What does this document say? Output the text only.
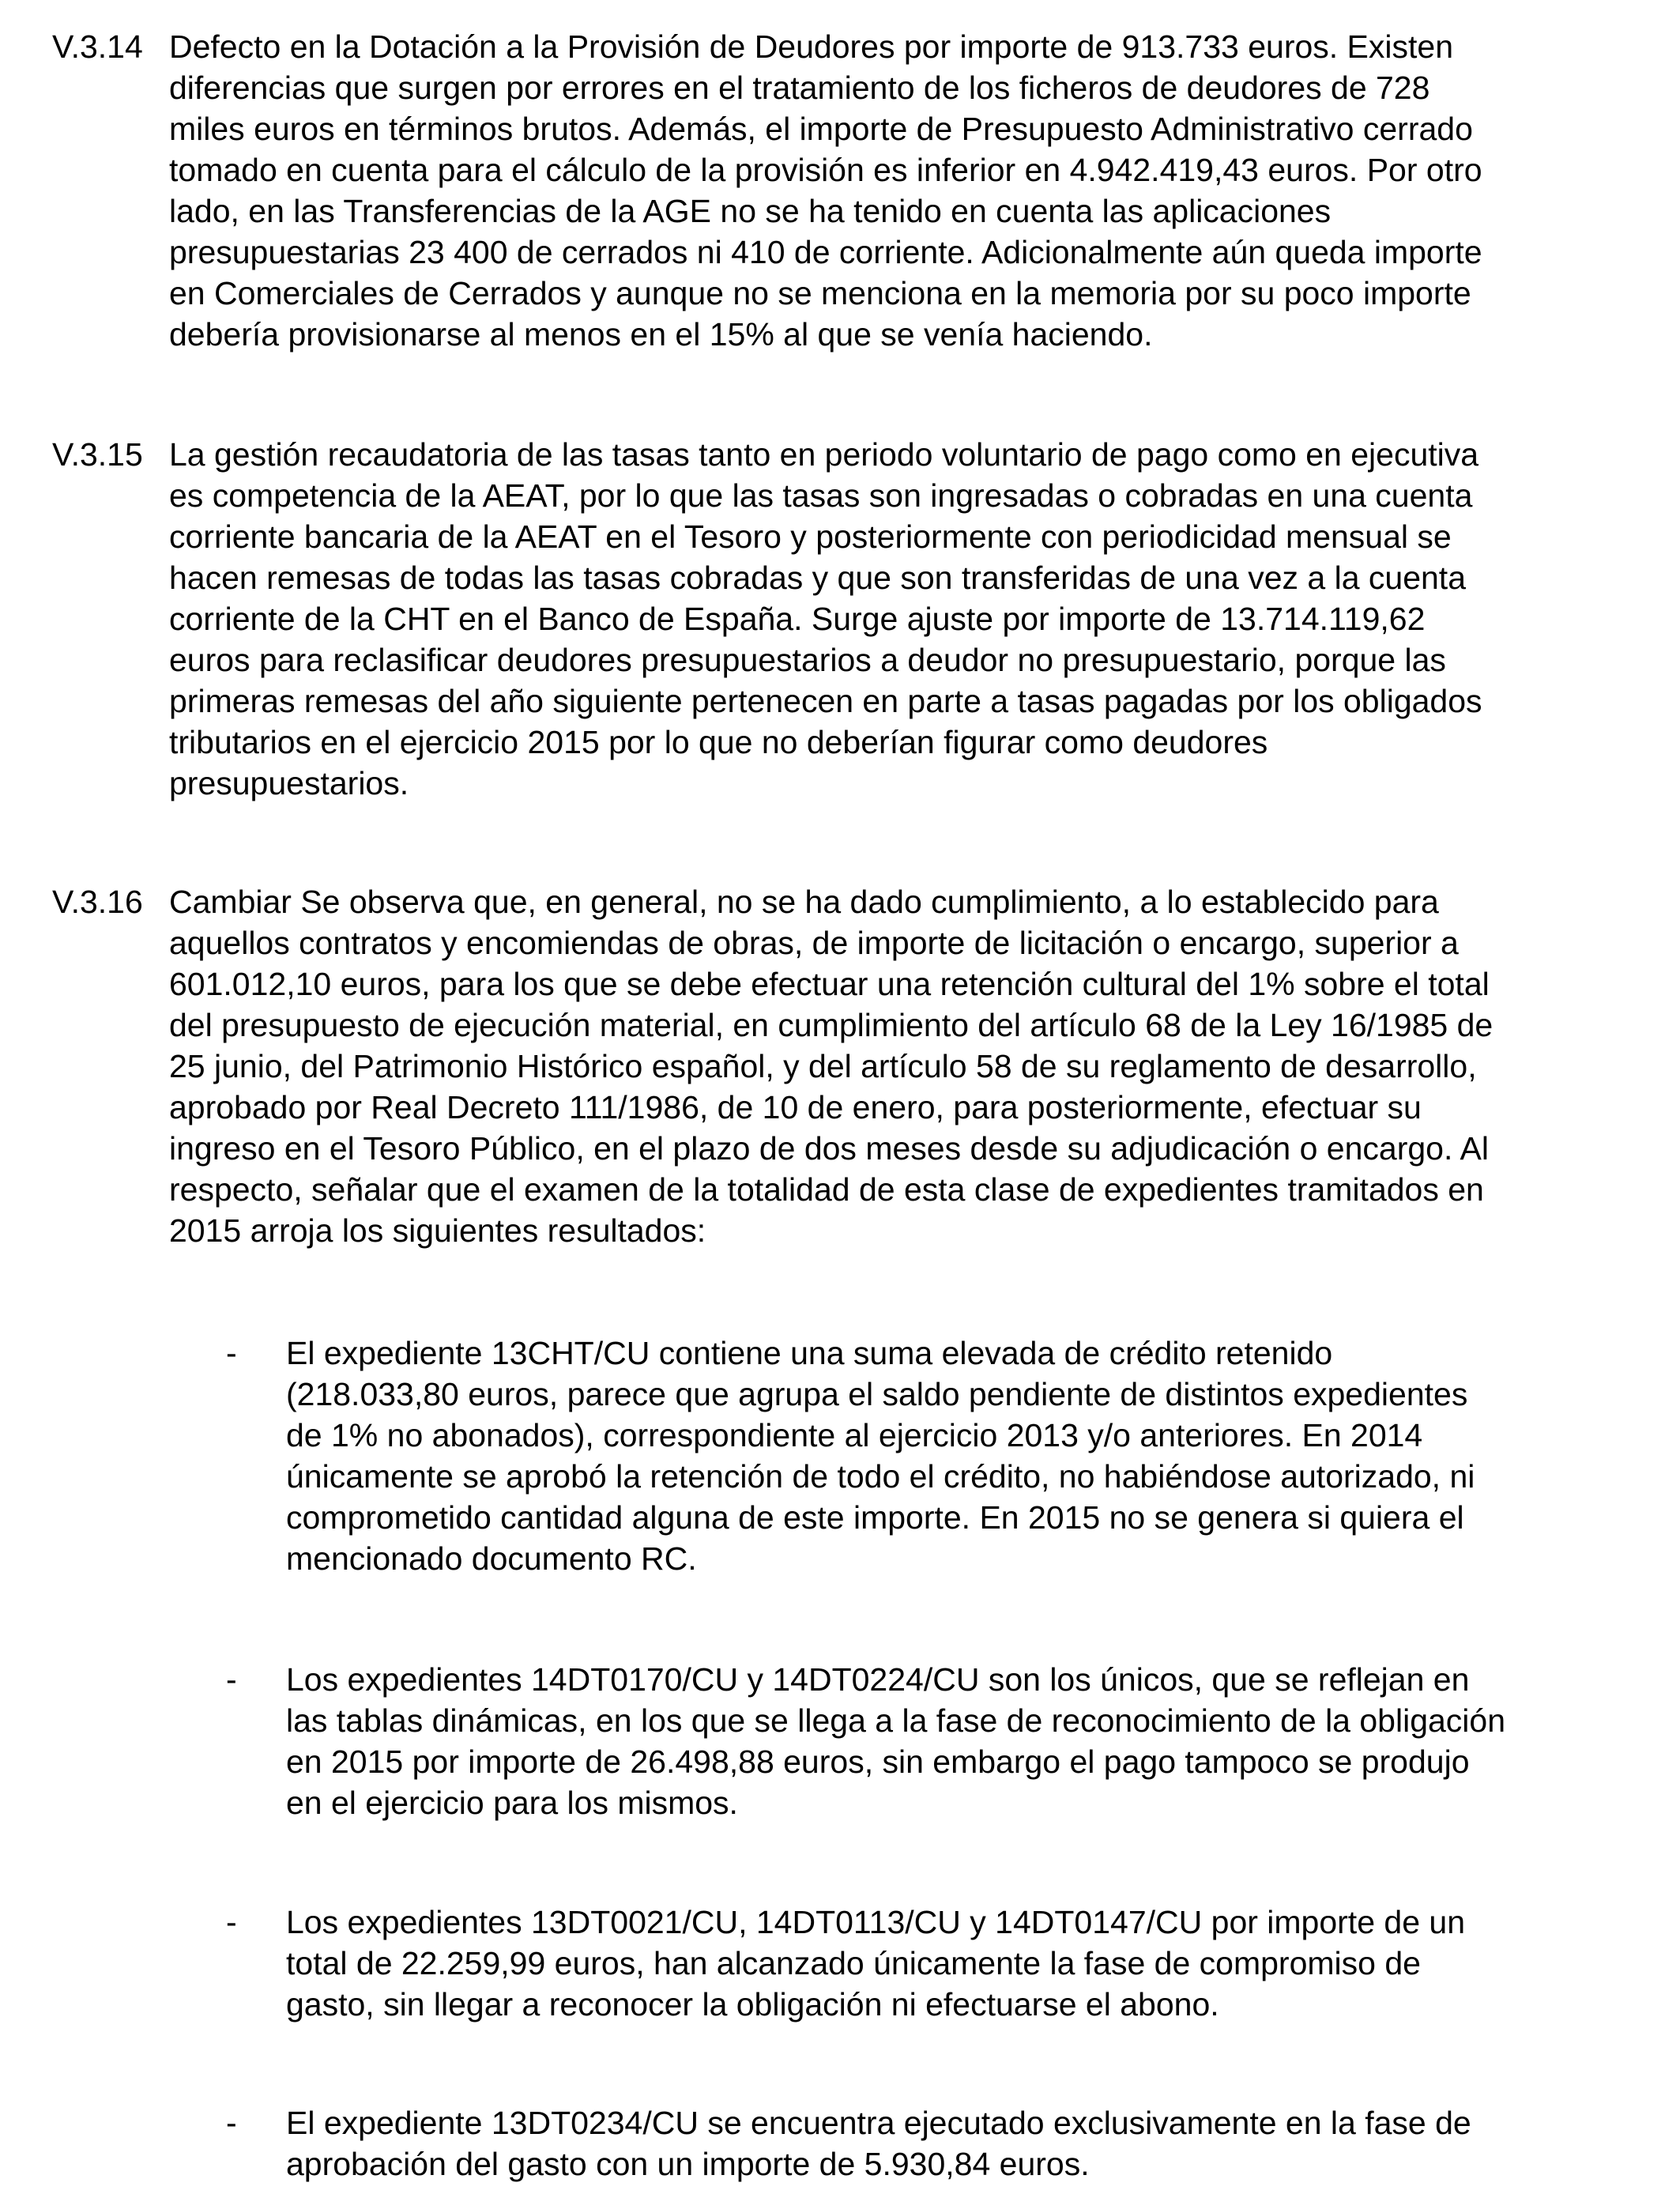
V.3.14 Defecto en la Dotación a la Provisión de Deudores por importe de 913.733 euros. Existen
diferencias que surgen por errores en el tratamiento de los ficheros de deudores de 728
miles euros en términos brutos. Además, el importe de Presupuesto Administrativo cerrado
tomado en cuenta para el cálculo de la provisión es inferior en 4.942.419,43 euros. Por otro
lado, en las Transferencias de la AGE no se ha tenido en cuenta las aplicaciones
presupuestarias 23 400 de cerrados ni 410 de corriente. Adicionalmente aún queda importe
en Comerciales de Cerrados y aunque no se menciona en la memoria por su poco importe
debería provisionarse al menos en el 15% al que se venía haciendo.
V.3.15 La gestión recaudatoria de las tasas tanto en periodo voluntario de pago como en ejecutiva
es competencia de la AEAT, por lo que las tasas son ingresadas o cobradas en una cuenta
corriente bancaria de la AEAT en el Tesoro y posteriormente con periodicidad mensual se
hacen remesas de todas las tasas cobradas y que son transferidas de una vez a la cuenta
corriente de la CHT en el Banco de España. Surge ajuste por importe de 13.714.119,62
euros para reclasificar deudores presupuestarios a deudor no presupuestario, porque las
primeras remesas del año siguiente pertenecen en parte a tasas pagadas por los obligados
tributarios en el ejercicio 2015 por lo que no deberían figurar como deudores
presupuestarios.
V.3.16 Cambiar Se observa que, en general, no se ha dado cumplimiento, a lo establecido para
aquellos contratos y encomiendas de obras, de importe de licitación o encargo, superior a
601.012,10 euros, para los que se debe efectuar una retención cultural del 1% sobre el total
del presupuesto de ejecución material, en cumplimiento del artículo 68 de la Ley 16/1985 de
25 junio, del Patrimonio Histórico español, y del artículo 58 de su reglamento de desarrollo,
aprobado por Real Decreto 111/1986, de 10 de enero, para posteriormente, efectuar su
ingreso en el Tesoro Público, en el plazo de dos meses desde su adjudicación o encargo. Al
respecto, señalar que el examen de la totalidad de esta clase de expedientes tramitados en
2015 arroja los siguientes resultados:
- El expediente 13CHT/CU contiene una suma elevada de crédito retenido
(218.033,80 euros, parece que agrupa el saldo pendiente de distintos expedientes
de 1% no abonados), correspondiente al ejercicio 2013 y/o anteriores. En 2014
únicamente se aprobó la retención de todo el crédito, no habiéndose autorizado, ni
comprometido cantidad alguna de este importe. En 2015 no se genera si quiera el
mencionado documento RC.
- Los expedientes 14DT0170/CU y 14DT0224/CU son los únicos, que se reflejan en
las tablas dinámicas, en los que se llega a la fase de reconocimiento de la obligación
en 2015 por importe de 26.498,88 euros, sin embargo el pago tampoco se produjo
en el ejercicio para los mismos.
- Los expedientes 13DT0021/CU, 14DT0113/CU y 14DT0147/CU por importe de un
total de 22.259,99 euros, han alcanzado únicamente la fase de compromiso de
gasto, sin llegar a reconocer la obligación ni efectuarse el abono.
- El expediente 13DT0234/CU se encuentra ejecutado exclusivamente en la fase de
aprobación del gasto con un importe de 5.930,84 euros.
